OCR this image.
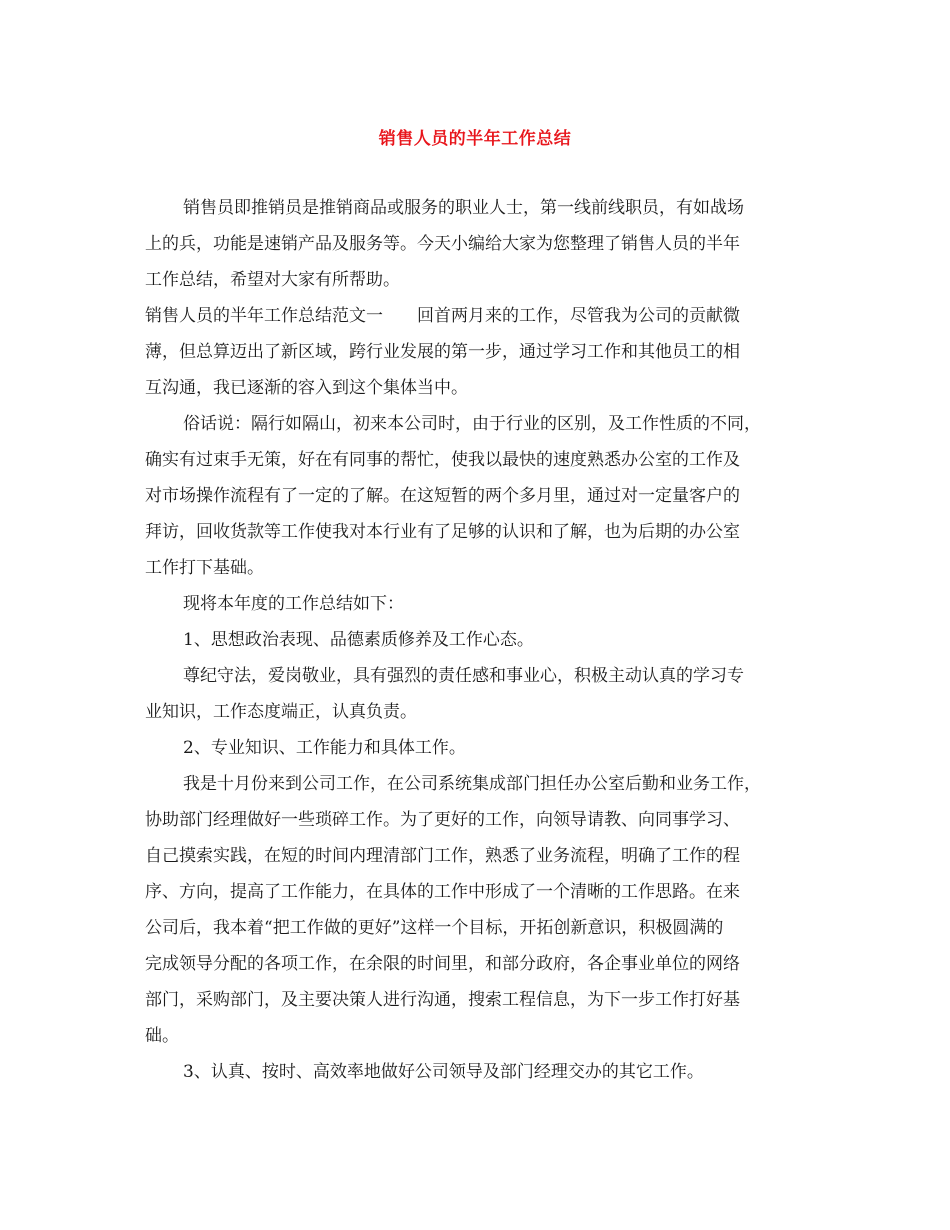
销售人员的半年工作总结
销售员即推销员是推销商品或服务的职业人士，第一线前线职员，有如战场
上的兵，功能是速销产品及服务等。今天小编给大家为您整理了销售人员的半年
工作总结，希望对大家有所帮助。
销售人员的半年工作总结范文一　　回首两月来的工作，尽管我为公司的贡献微
薄，但总算迈出了新区域，跨行业发展的第一步，通过学习工作和其他员工的相
互沟通，我已逐渐的容入到这个集体当中。
俗话说：隔行如隔山，初来本公司时，由于行业的区别，及工作性质的不同，
确实有过束手无策，好在有同事的帮忙，使我以最快的速度熟悉办公室的工作及
对市场操作流程有了一定的了解。在这短暂的两个多月里，通过对一定量客户的
拜访，回收货款等工作使我对本行业有了足够的认识和了解，也为后期的办公室
工作打下基础。
现将本年度的工作总结如下：
1、思想政治表现、品德素质修养及工作心态。
尊纪守法，爱岗敬业，具有强烈的责任感和事业心，积极主动认真的学习专
业知识，工作态度端正，认真负责。
2、专业知识、工作能力和具体工作。
我是十月份来到公司工作，在公司系统集成部门担任办公室后勤和业务工作，
协助部门经理做好一些琐碎工作。为了更好的工作，向领导请教、向同事学习、
自己摸索实践，在短的时间内理清部门工作，熟悉了业务流程，明确了工作的程
序、方向，提高了工作能力，在具体的工作中形成了一个清晰的工作思路。在来
公司后，我本着“把工作做的更好”这样一个目标，开拓创新意识，积极圆满的
完成领导分配的各项工作，在余限的时间里，和部分政府，各企事业单位的网络
部门，采购部门，及主要决策人进行沟通，搜索工程信息，为下一步工作打好基
础。
3、认真、按时、高效率地做好公司领导及部门经理交办的其它工作。
